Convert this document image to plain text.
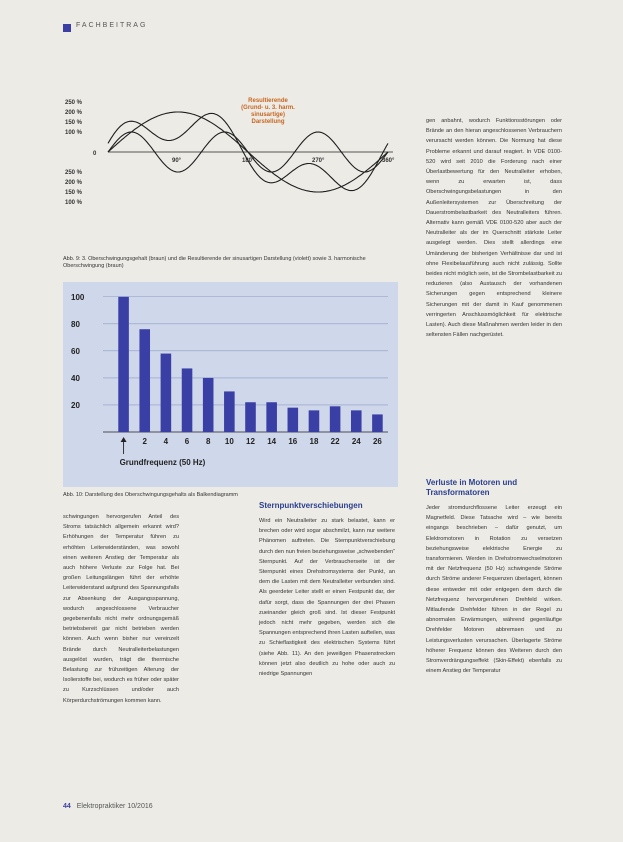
FACHBEITRAG
250 %
200 %
150 %
100 %
100 %
150 %
200 %
250 %
0
90°	180°	270°	360°
Resultierende
(Grund- u. 3. harm.
sinusartige)
Darstellung
Abb. 9: 3. Oberschwingungsgehalt (braun) und die Resultierende der sinusartigen Darstellung (violett) sowie 3. harmonische Oberschwingung (braun)
20
40
60
80
100
2 4 6 8 10 12 14 16 18 22 24 26
Grundfrequenz (50 Hz)
Abb. 10: Darstellung des Oberschwingungsgehalts als Balkendiagramm

gen anbahnt, wodurch Funktionsstörungen oder Brände an den hieran angeschlossenen Verbrauchern verursacht werden können. Die Normung hat diese Probleme erkannt und darauf reagiert. In VDE 0100-520 wird seit 2010 die Forderung nach einer Überlastbewertung für den Neutralleiter erhoben, wenn zu erwarten ist, dass Oberschwingungsbelastungen in den Außenleitersystemen zur Überschreitung der Dauerstrombelastbarkeit des Neutralleiters führen. Alternativ kann gemäß VDE 0100-520 aber auch der Neutralleiter als der im Querschnitt stärkste Leiter ausgelegt werden. Dies stellt allerdings eine Umänderung der bisherigen Verhältnisse dar und ist ohne Flexibelausführung auch nicht zulässig. Sollte beides nicht möglich sein, ist die Strombelastbarkeit zu reduzieren (also Austausch der vorhandenen Sicherungen gegen entsprechend kleinere Sicherungen mit der damit in Kauf genommenen verringerten Anschlussmöglichkeit für elektrische Lasten). Auch diese Maßnahmen werden leider in den seltensten Fällen nachgerüstet.

Verluste in Motoren und
Transformatoren

Jeder stromdurchflossene Leiter erzeugt ein Magnetfeld. Diese Tatsache wird – wie bereits eingangs beschrieben – dafür genutzt, um Elektromotoren in Rotation zu versetzen beziehungsweise elektrische Energie zu transformieren. Werden in Drehstromwechselmotoren mit der Netzfrequenz (50 Hz) schwingende Ströme durch Ströme anderer Frequenzen überlagert, können diese entweder mit oder entgegen dem durch die Netzfrequenz hervorgerufenen Drehfeld wirken. Mitlaufende Drehfelder führen in der Regel zu abnormalen Erwärmungen, während gegenläufige Drehfelder Motoren abbremsen und zu Leistungsverlusten verursachen. Überlagerte Ströme höherer Frequenz können des Weiteren durch den Stromverdrängungseffekt (Skin-Effekt) ebenfalls zu einem Anstieg der Temperatur

schwingungen hervorgerufen Anteil des Stroms tatsächlich allgemein erkannt wird? Erhöhungen der Temperatur führen zu erhöhten Leiterwiderständen, was sowohl einen weiteren Anstieg der Temperatur als auch höhere Verluste zur Folge hat. Bei großen Leitungslängen führt der erhöhte Leiterwiderstand aufgrund des Spannungsfalls zur Absenkung der Ausgangsspannung, wodurch angeschlossene Verbraucher gegebenenfalls nicht mehr ordnungsgemäß betriebsbereit gar nicht betrieben werden können. Auch wenn bisher nur vereinzelt Brände durch Neutralleiterbelastungen ausgelöst wurden, trägt die thermische Belastung zur frühzeitigen Alterung der Isolierstoffe bei, wodurch es früher oder später zu Kurzschlüssen und/oder auch Körperdurchströmungen kommen kann.

Sternpunktverschiebungen

Wird ein Neutralleiter zu stark belastet, kann er brechen oder wird sogar abschmilzt, kann nur weitere Phänomen auftreten. Die Sternpunktverschiebung durch den nun freien beziehungsweise „schwebenden“ Sternpunkt. Auf der Verbraucherseite ist der Sternpunkt eines Drehstromsystems der Punkt, an dem die Lasten mit dem Neutralleiter verbunden sind. Als geerdeter Leiter stellt er einen Festpunkt dar, der dafür sorgt, dass die Spannungen der drei Phasen zueinander gleich groß sind. Ist dieser Festpunkt jedoch nicht mehr gegeben, werden sich die Spannungen entsprechend ihren Lasten aufteilen, was zu Schieflastigkeit des elektrischen Systems führt (siehe Abb. 11). An den jeweiligen Phasenstrecken können jetzt also deutlich zu hohe oder auch zu niedrige Spannungen

44 Elektropraktiker 10/2016
